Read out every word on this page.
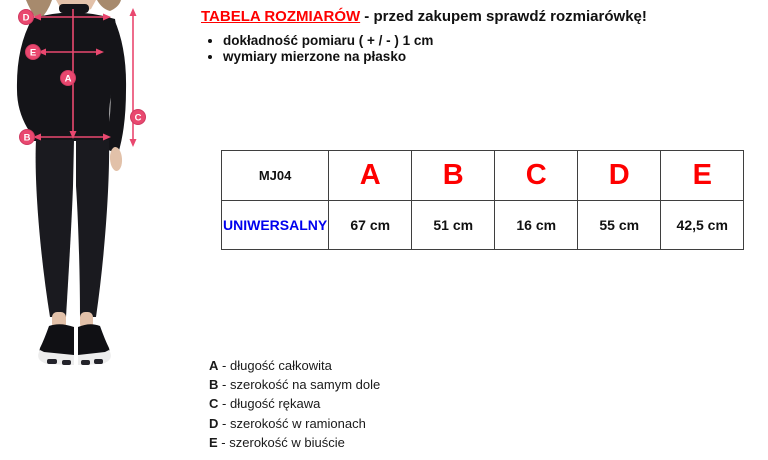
D
E
A
B
C
TABELA ROZMIARÓW - przed zakupem sprawdź rozmiarówkę!
• dokładność pomiaru ( + / - ) 1 cm
• wymiary mierzone na płasko
MJ04	A	B	C	D	E
UNIWERSALNY	67 cm	51 cm	16 cm	55 cm	42,5 cm
A - długość całkowita
B - szerokość na samym dole
C - długość rękawa
D - szerokość w ramionach
E - szerokość w biuście
